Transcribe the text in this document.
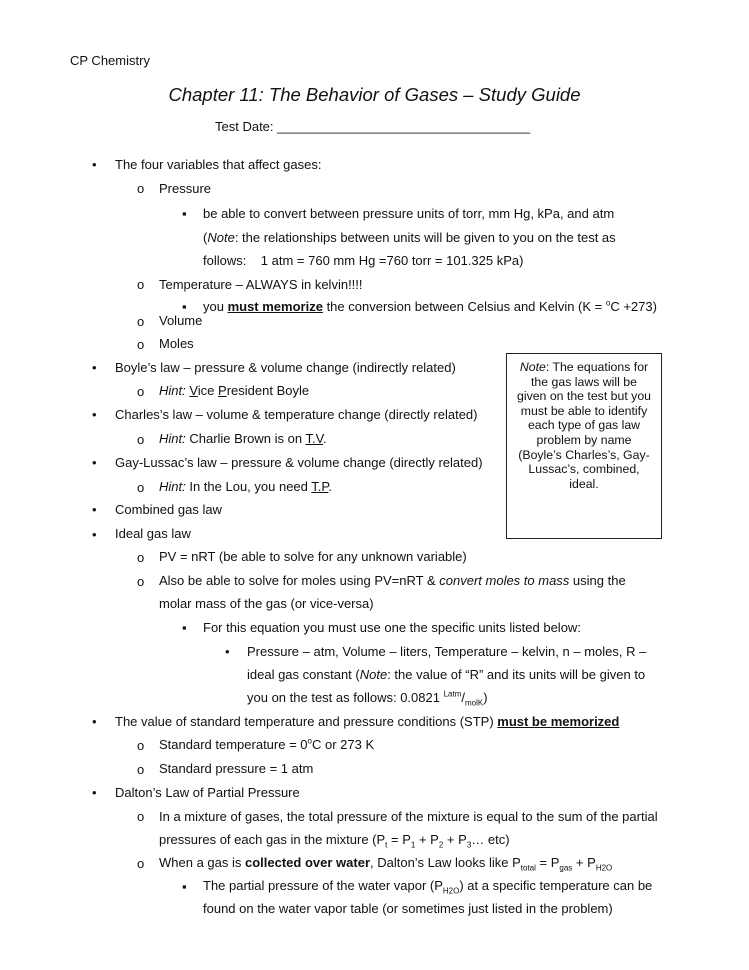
CP Chemistry
Chapter 11: The Behavior of Gases – Study Guide
Test Date: ___________________________________
•
The four variables that affect gases:
o
Pressure
▪
be able to convert between pressure units of torr, mm Hg, kPa, and atm
(Note: the relationships between units will be given to you on the test as
follows:    1 atm = 760 mm Hg =760 torr = 101.325 kPa)
o
Temperature – ALWAYS in kelvin!!!!
▪
you must memorize the conversion between Celsius and Kelvin (K = $^o$C +273)
o
Volume
o
Moles
•
Boyle’s law – pressure & volume change (indirectly related)
o
Hint: Vice President Boyle
•
Charles’s law – volume & temperature change (directly related)
o
Hint: Charlie Brown is on T.V.
•
Gay-Lussac’s law – pressure & volume change (directly related)
o
Hint: In the Lou, you need T.P.
•
Combined gas law
•
Ideal gas law
o
PV = nRT (be able to solve for any unknown variable)
o
Also be able to solve for moles using PV=nRT & convert moles to mass using the
molar mass of the gas (or vice-versa)
▪
For this equation you must use one the specific units listed below:
•
Pressure – atm, Volume – liters, Temperature – kelvin, n – moles, R –
ideal gas constant (Note: the value of “R” and its units will be given to
you on the test as follows: 0.0821 $^{Latm}/_{molK}$)
•
The value of standard temperature and pressure conditions (STP) must be memorized
o
Standard temperature = $0^oC$ or 273 K
o
Standard pressure = 1 atm
•
Dalton’s Law of Partial Pressure
o
In a mixture of gases, the total pressure of the mixture is equal to the sum of the partial
pressures of each gas in the mixture ($P_t = P_1 + P_2$ + $P_3\dots$ etc)
o
When a gas is collected over water, Dalton’s Law looks like $P_{total} = P_{gas} + P_{H2O}$
▪
The partial pressure of the water vapor $(P_{H2O})$ at a specific temperature can be
found on the water vapor table (or sometimes just listed in the problem)
Note: The equations for the gas laws will be given on the test but you must be able to identify each type of gas law problem by name (Boyle’s Charles’s, Gay-Lussac’s, combined, ideal.
